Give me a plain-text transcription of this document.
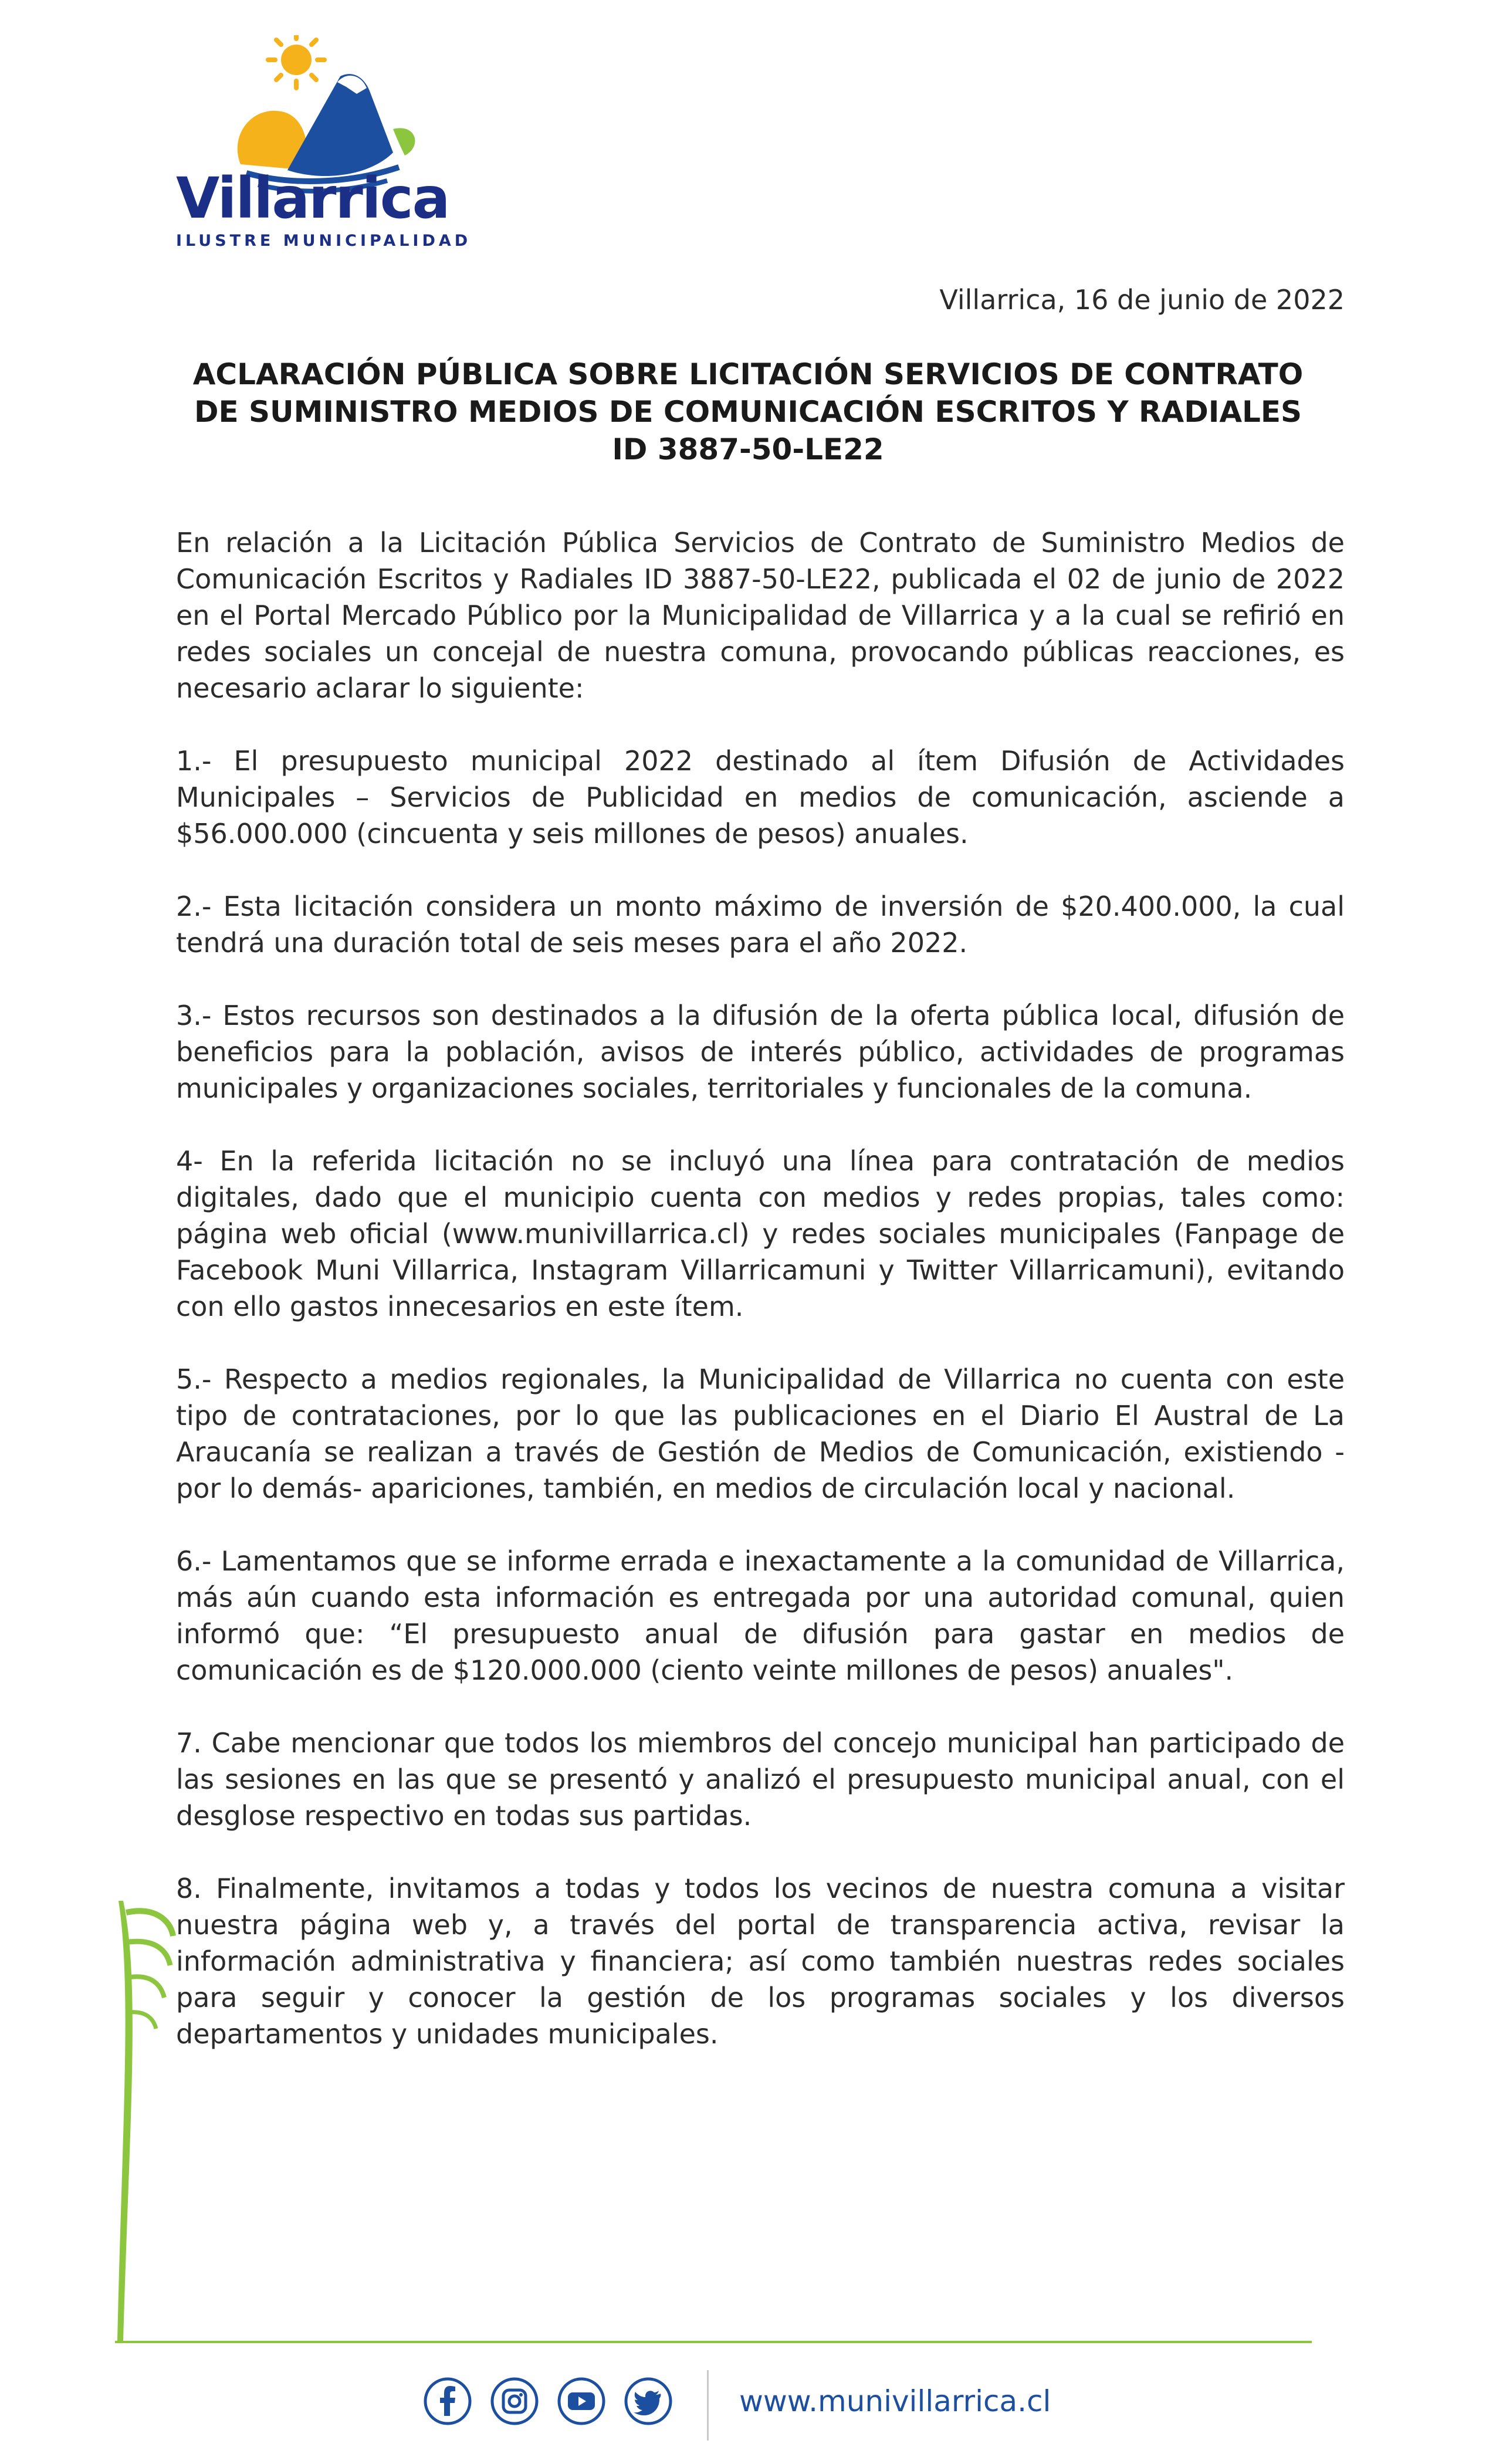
Villarrica
ILUSTRE MUNICIPALIDAD
Villarrica, 16 de junio de 2022
ACLARACIÓN PÚBLICA SOBRE LICITACIÓN SERVICIOS DE CONTRATO
DE SUMINISTRO MEDIOS DE COMUNICACIÓN ESCRITOS Y RADIALES
ID 3887-50-LE22

En relación a la Licitación Pública Servicios de Contrato de Suministro Medios de Comunicación Escritos y Radiales ID 3887-50-LE22, publicada el 02 de junio de 2022 en el Portal Mercado Público por la Municipalidad de Villarrica y a la cual se refirió en redes sociales un concejal de nuestra comuna, provocando públicas reacciones, es necesario aclarar lo siguiente:

1.- El presupuesto municipal 2022 destinado al ítem Difusión de Actividades Municipales – Servicios de Publicidad en medios de comunicación, asciende a $56.000.000 (cincuenta y seis millones de pesos) anuales.

2.- Esta licitación considera un monto máximo de inversión de $20.400.000, la cual tendrá una duración total de seis meses para el año 2022.

3.- Estos recursos son destinados a la difusión de la oferta pública local, difusión de beneficios para la población, avisos de interés público, actividades de programas municipales y organizaciones sociales, territoriales y funcionales de la comuna.

4- En la referida licitación no se incluyó una línea para contratación de medios digitales, dado que el municipio cuenta con medios y redes propias, tales como: página web oficial (www.munivillarrica.cl) y redes sociales municipales (Fanpage de Facebook Muni Villarrica, Instagram Villarricamuni y Twitter Villarricamuni), evitando con ello gastos innecesarios en este ítem.

5.- Respecto a medios regionales, la Municipalidad de Villarrica no cuenta con este tipo de contrataciones, por lo que las publicaciones en el Diario El Austral de La Araucanía se realizan a través de Gestión de Medios de Comunicación, existiendo -por lo demás- apariciones, también, en medios de circulación local y nacional.

6.- Lamentamos que se informe errada e inexactamente a la comunidad de Villarrica, más aún cuando esta información es entregada por una autoridad comunal, quien informó que: “El presupuesto anual de difusión para gastar en medios de comunicación es de $120.000.000 (ciento veinte millones de pesos) anuales".

7. Cabe mencionar que todos los miembros del concejo municipal han participado de las sesiones en las que se presentó y analizó el presupuesto municipal anual, con el desglose respectivo en todas sus partidas.

8. Finalmente, invitamos a todas y todos los vecinos de nuestra comuna a visitar nuestra página web y, a través del portal de transparencia activa, revisar la información administrativa y financiera; así como también nuestras redes sociales para seguir y conocer la gestión de los programas sociales y los diversos departamentos y unidades municipales.

www.munivillarrica.cl
